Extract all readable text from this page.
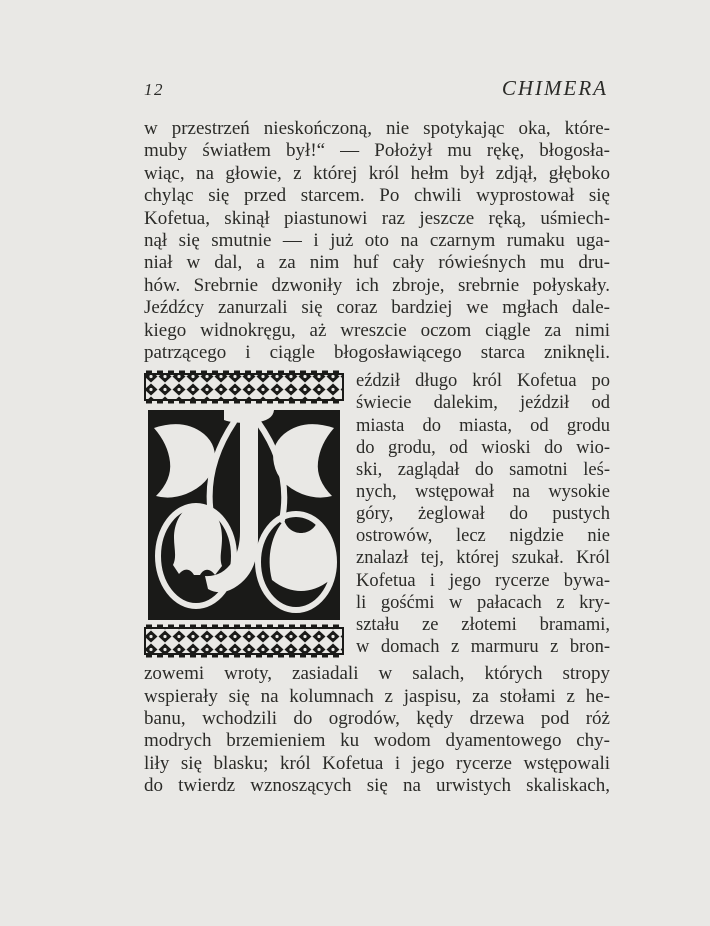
12	CHIMERA
w przestrzeń nieskończoną, nie spotykając oka, które-
muby światłem był!“ — Położył mu rękę, błogosła-
wiąc, na głowie, z której król hełm był zdjął, głęboko
chyląc się przed starcem. Po chwili wyprostował się
Kofetua, skinął piastunowi raz jeszcze ręką, uśmiech-
nął się smutnie — i już oto na czarnym rumaku uga-
niał w dal, a za nim huf cały rówieśnych mu dru-
hów. Srebrnie dzwoniły ich zbroje, srebrnie połyskały.
Jeźdźcy zanurzali się coraz bardziej we mgłach dale-
kiego widnokręgu, aż wreszcie oczom ciągle za nimi
patrzącego i ciągle błogosławiącego starca zniknęli.
eździł długo król Kofetua po
świecie dalekim, jeździł od
miasta do miasta, od grodu
do grodu, od wioski do wio-
ski, zaglądał do samotni leś-
nych, wstępował na wysokie
góry, żeglował do pustych
ostrowów, lecz nigdzie nie
znalazł tej, której szukał. Król
Kofetua i jego rycerze bywa-
li gośćmi w pałacach z kry-
ształu ze złotemi bramami,
w domach z marmuru z bron-
zowemi wroty, zasiadali w salach, których stropy
wspierały się na kolumnach z jaspisu, za stołami z he-
banu, wchodzili do ogrodów, kędy drzewa pod róż
modrych brzemieniem ku wodom dyamentowego chy-
liły się blasku; król Kofetua i jego rycerze wstępowali
do twierdz wznoszących się na urwistych skaliskach,
